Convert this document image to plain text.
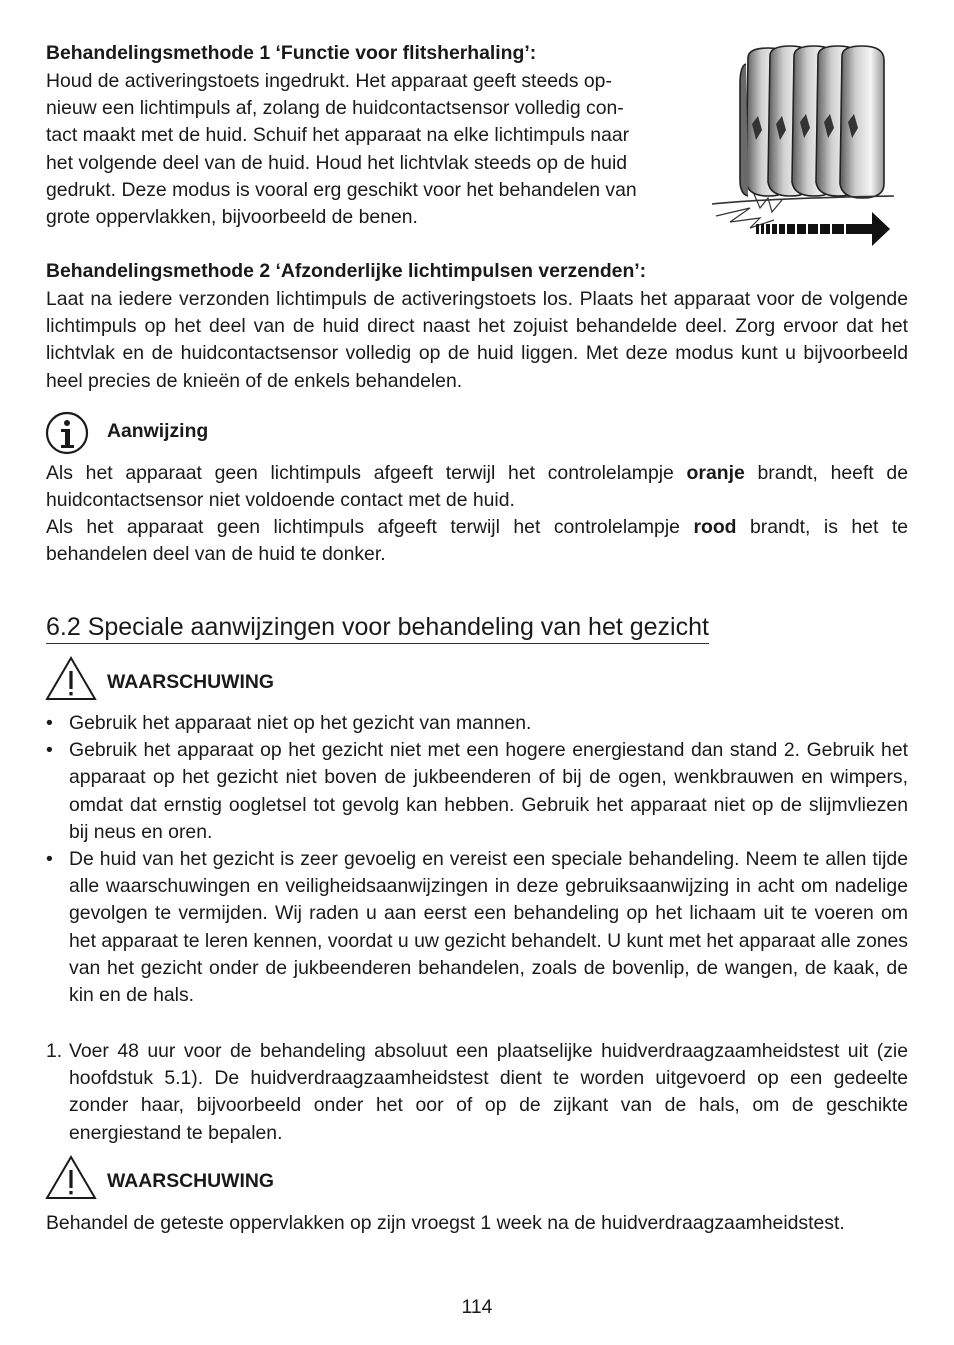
Behandelingsmethode 1 ‘Functie voor flitsherhaling’:
Houd de activeringstoets ingedrukt. Het apparaat geeft steeds op-
nieuw een lichtimpuls af, zolang de huidcontactsensor volledig con-
tact maakt met de huid. Schuif het apparaat na elke lichtimpuls naar
het volgende deel van de huid. Houd het lichtvlak steeds op de huid
gedrukt. Deze modus is vooral erg geschikt voor het behandelen van
grote oppervlakken, bijvoorbeeld de benen.
Behandelingsmethode 2 ‘Afzonderlijke lichtimpulsen verzenden’:
Laat na iedere verzonden lichtimpuls de activeringstoets los. Plaats het apparaat voor de volgende lichtimpuls op het deel van de huid direct naast het zojuist behandelde deel. Zorg ervoor dat het lichtvlak en de huidcontactsensor volledig op de huid liggen. Met deze modus kunt u bijvoorbeeld heel precies de knieën of de enkels behandelen.
Aanwijzing
Als het apparaat geen lichtimpuls afgeeft terwijl het controlelampje oranje brandt, heeft de huidcontactsensor niet voldoende contact met de huid.
Als het apparaat geen lichtimpuls afgeeft terwijl het controlelampje rood brandt, is het te behandelen deel van de huid te donker.
6.2 Speciale aanwijzingen voor behandeling van het gezicht
WAARSCHUWING
• Gebruik het apparaat niet op het gezicht van mannen.
• Gebruik het apparaat op het gezicht niet met een hogere energiestand dan stand 2. Gebruik het apparaat op het gezicht niet boven de jukbeenderen of bij de ogen, wenkbrauwen en wimpers, omdat dat ernstig oogletsel tot gevolg kan hebben. Gebruik het apparaat niet op de slijmvliezen bij neus en oren.
• De huid van het gezicht is zeer gevoelig en vereist een speciale behandeling. Neem te allen tijde alle waarschuwingen en veiligheidsaanwijzingen in deze gebruiksaanwijzing in acht om nadelige gevolgen te vermijden. Wij raden u aan eerst een behandeling op het lichaam uit te voeren om het apparaat te leren kennen, voordat u uw gezicht behandelt. U kunt met het apparaat alle zones van het gezicht onder de jukbeenderen behandelen, zoals de bovenlip, de wangen, de kaak, de kin en de hals.
1. Voer 48 uur voor de behandeling absoluut een plaatselijke huidverdraagzaamheidstest uit (zie hoofdstuk 5.1). De huidverdraagzaamheidstest dient te worden uitgevoerd op een gedeelte zonder haar, bijvoorbeeld onder het oor of op de zijkant van de hals, om de geschikte energiestand te bepalen.
WAARSCHUWING
Behandel de geteste oppervlakken op zijn vroegst 1 week na de huidverdraagzaamheidstest.
114
